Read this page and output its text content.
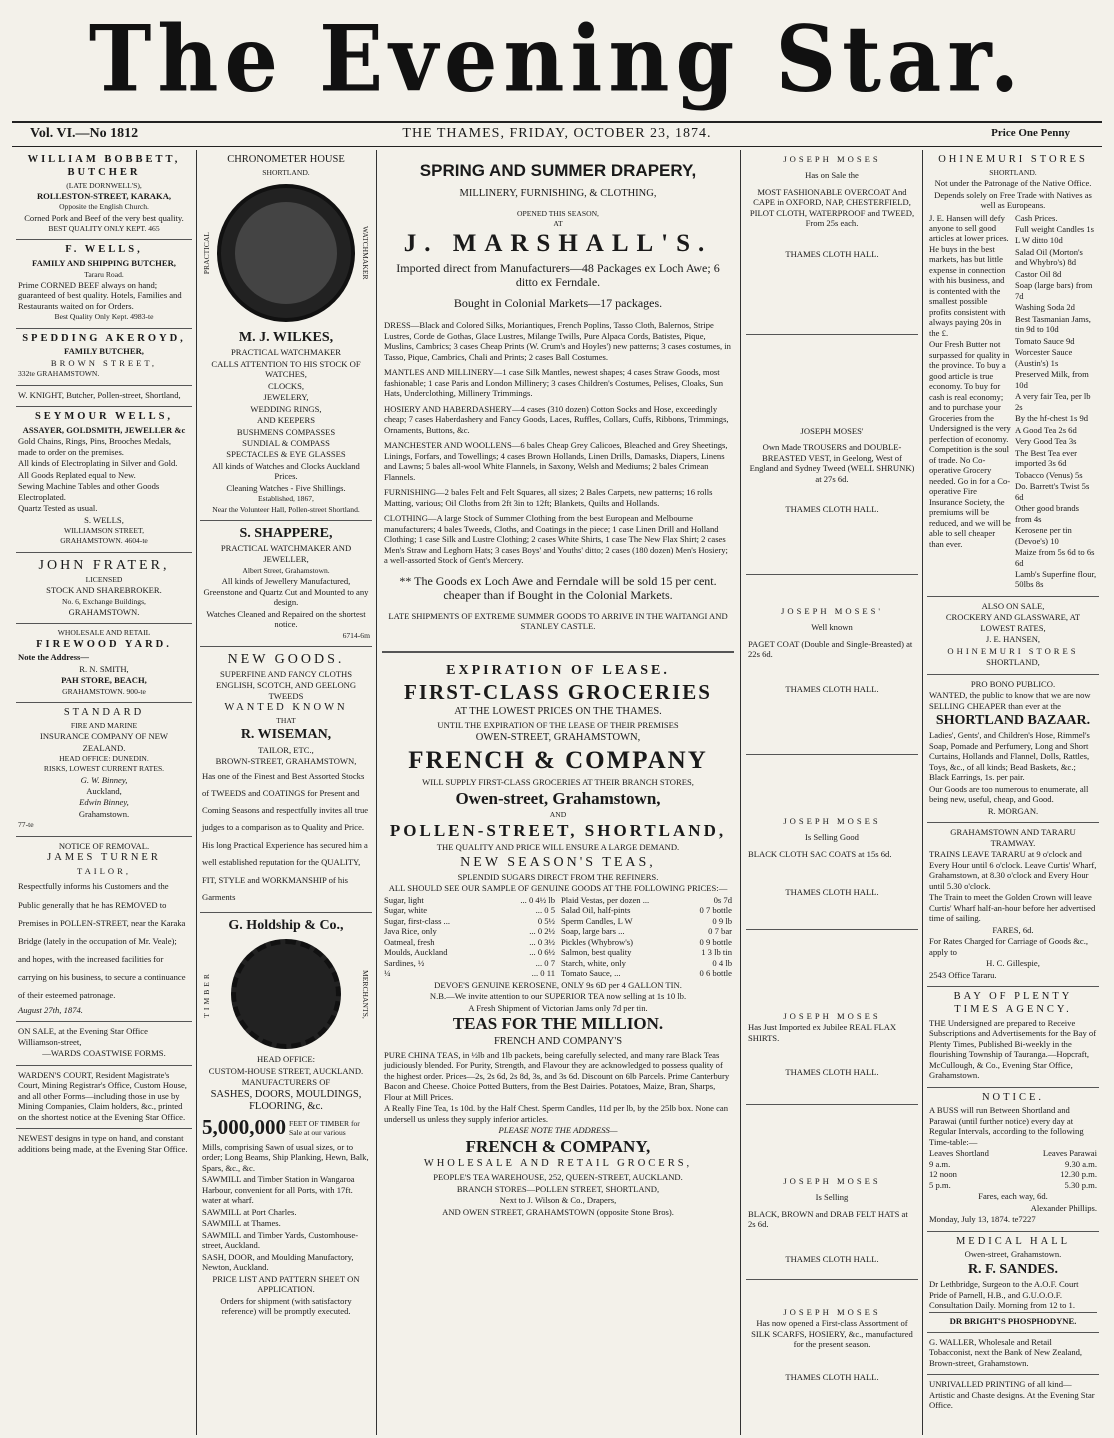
The Evening Star.
Vol. VI.—No 1812	THE THAMES, FRIDAY, OCTOBER 23, 1874.	Price One Penny

WILLIAM BOBBETT, BUTCHER

(LATE DORNWELL'S),

ROLLESTON-STREET, KARAKA,

Opposite the English Church.

Corned Pork and Beef of the very best quality.

BEST QUALITY ONLY KEPT. 465

F. WELLS,

FAMILY AND SHIPPING BUTCHER,

Tararu Road.

Prime CORNED BEEF always on hand; guaranteed of best quality. Hotels, Families and Restaurants waited on for Orders.

Best Quality Only Kept. 4983-te

SPEDDING AKEROYD,

FAMILY BUTCHER,

BROWN STREET,

332te GRAHAMSTOWN.

W. KNIGHT, Butcher, Pollen-street, Shortland,

SEYMOUR WELLS,

ASSAYER, GOLDSMITH, JEWELLER &c

Gold Chains, Rings, Pins, Brooches Medals, made to order on the premises.

All kinds of Electroplating in Silver and Gold.

All Goods Replated equal to New.

Sewing Machine Tables and other Goods Electroplated.

Quartz Tested as usual.

S. WELLS,

WILLIAMSON STREET,

GRAHAMSTOWN. 4604-te

JOHN FRATER,

LICENSED

STOCK AND SHAREBROKER.

No. 6, Exchange Buildings,

GRAHAMSTOWN.

WHOLESALE AND RETAIL

FIREWOOD YARD.

Note the Address—

R. N. SMITH,

PAH STORE, BEACH,

GRAHAMSTOWN. 900-te

STANDARD

FIRE AND MARINE

INSURANCE COMPANY OF NEW

ZEALAND.

HEAD OFFICE: DUNEDIN.

RISKS, LOWEST CURRENT RATES.

G. W. Binney,

Auckland,

Edwin Binney,

Grahamstown.

77-te

NOTICE OF REMOVAL.

JAMES TURNER

TAILOR,

Respectfully informs his Customers and the Public generally that he has REMOVED to Premises in POLLEN-STREET, near the Karaka Bridge (lately in the occupation of Mr. Veale); and hopes, with the increased facilities for carrying on his business, to secure a continuance of their esteemed patronage.

August 27th, 1874.

ON SALE, at the Evening Star Office Williamson-street,

—WARDS COASTWISE FORMS.

WARDEN'S COURT, Resident Magistrate's Court, Mining Registrar's Office, Custom House, and all other Forms—including those in use by Mining Companies, Claim holders, &c., printed on the shortest notice at the Evening Star Office.

NEWEST designs in type on hand, and constant additions being made, at the Evening Star Office.

CHRONOMETER HOUSE

SHORTLAND.

PRACTICAL	WATCHMAKER

M. J. WILKES,

PRACTICAL WATCHMAKER

CALLS ATTENTION TO HIS STOCK OF WATCHES,

CLOCKS,

JEWELERY,

WEDDING RINGS,

AND KEEPERS

BUSHMENS COMPASSES

SUNDIAL & COMPASS

SPECTACLES & EYE GLASSES

All kinds of Watches and Clocks Auckland Prices.

Cleaning Watches - Five Shillings.

Established, 1867,

Near the Volunteer Hall, Pollen-street Shortland.

S. SHAPPERE,

PRACTICAL WATCHMAKER AND

JEWELLER,

Albert Street, Grahamstown.

All kinds of Jewellery Manufactured, Greenstone and Quartz Cut and Mounted to any design.

Watches Cleaned and Repaired on the shortest notice.

6714-6m

NEW GOODS.

SUPERFINE AND FANCY CLOTHS

ENGLISH, SCOTCH, AND GEELONG TWEEDS

WANTED KNOWN

THAT

R. WISEMAN,

TAILOR, ETC.,

BROWN-STREET, GRAHAMSTOWN,

Has one of the Finest and Best Assorted Stocks of TWEEDS and COATINGS for Present and Coming Seasons and respectfully invites all true judges to a comparison as to Quality and Price.

His long Practical Experience has secured him a well established reputation for the QUALITY, FIT, STYLE and WORKMANSHIP of his Garments

G. Holdship & Co.,

TIMBER	MERCHANTS,

HEAD OFFICE:

CUSTOM-HOUSE STREET, AUCKLAND.

MANUFACTURERS OF

SASHES, DOORS, MOULDINGS, FLOORING, &c.

5,000,000 FEET OF TIMBER for Sale at our various

Mills, comprising Sawn of usual sizes, or to order; Long Beams, Ship Planking, Hewn, Balk, Spars, &c., &c.

SAWMILL and Timber Station in Wangaroa Harbour, convenient for all Ports, with 17ft. water at wharf.

SAWMILL at Port Charles.

SAWMILL at Thames.

SAWMILL and Timber Yards, Customhouse-street, Auckland.

SASH, DOOR, and Moulding Manufactory, Newton, Auckland.

PRICE LIST AND PATTERN SHEET ON APPLICATION.

Orders for shipment (with satisfactory reference) will be promptly executed.

SPRING AND SUMMER DRAPERY,

MILLINERY, FURNISHING, & CLOTHING,

OPENED THIS SEASON,

AT

J. MARSHALL'S.

Imported direct from Manufacturers—48 Packages ex Loch Awe; 6 ditto ex Ferndale.

Bought in Colonial Markets—17 packages.

DRESS—Black and Colored Silks, Moriantiques, French Poplins, Tasso Cloth, Balernos, Stripe Lustres, Corde de Gothas, Glace Lustres, Milange Twills, Pure Alpaca Cords, Batistes, Pique, Muslins, Cambrics; 3 cases Cheap Prints (W. Crum's and Hoyles') new patterns; 3 cases costumes, in Tasso, Pique, Cambrics, Chali and Prints; 2 cases Ball Costumes.

MANTLES AND MILLINERY—1 case Silk Mantles, newest shapes; 4 cases Straw Goods, most fashionable; 1 case Paris and London Millinery; 3 cases Children's Costumes, Pelises, Cloaks, Sun Hats, Underclothing, Millinery Trimmings.

HOSIERY AND HABERDASHERY—4 cases (310 dozen) Cotton Socks and Hose, exceedingly cheap; 7 cases Haberdashery and Fancy Goods, Laces, Ruffles, Collars, Cuffs, Ribbons, Trimmings, Ornaments, Buttons, &c.

MANCHESTER AND WOOLLENS—6 bales Cheap Grey Calicoes, Bleached and Grey Sheetings, Linings, Forfars, and Towellings; 4 cases Brown Hollands, Linen Drills, Damasks, Diapers, Linens and Lawns; 5 bales all-wool White Flannels, in Saxony, Welsh and Mediums; 2 bales Crimean Flannels.

FURNISHING—2 bales Felt and Felt Squares, all sizes; 2 Bales Carpets, new patterns; 16 rolls Matting, various; Oil Cloths from 2ft 3in to 12ft; Blankets, Quilts and Hollands.

CLOTHING—A large Stock of Summer Clothing from the best European and Melbourne manufacturers; 4 bales Tweeds, Cloths, and Coatings in the piece; 1 case Linen Drill and Holland Clothing; 1 case Silk and Lustre Clothing; 2 cases White Shirts, 1 case The New Flax Shirt; 2 cases Men's Straw and Leghorn Hats; 3 cases Boys' and Youths' ditto; 2 cases (180 dozen) Men's Hosiery; a well-assorted Stock of Gent's Mercery.

** The Goods ex Loch Awe and Ferndale will be sold 15 per cent. cheaper than if Bought in the Colonial Markets.

LATE SHIPMENTS OF EXTREME SUMMER GOODS TO ARRIVE IN THE WAITANGI AND STANLEY CASTLE.

EXPIRATION OF LEASE.

FIRST-CLASS GROCERIES

AT THE LOWEST PRICES ON THE THAMES.

UNTIL THE EXPIRATION OF THE LEASE OF THEIR PREMISES

OWEN-STREET, GRAHAMSTOWN,

FRENCH & COMPANY

WILL SUPPLY FIRST-CLASS GROCERIES AT THEIR BRANCH STORES,

Owen-street, Grahamstown,

AND

POLLEN-STREET, SHORTLAND,

THE QUALITY AND PRICE WILL ENSURE A LARGE DEMAND.

NEW SEASON'S TEAS,

SPLENDID SUGARS DIRECT FROM THE REFINERS.

ALL SHOULD SEE OUR SAMPLE OF GENUINE GOODS AT THE FOLLOWING PRICES:—

Sugar, light	... 0 4½ lb
Sugar, white	... 0 5
Sugar, first-class ...	0 5½
Java Rice, only	... 0 2½
Oatmeal, fresh	... 0 3½
Moulds, Auckland	... 0 6½
Sardines, ½	... 0 7
¼	... 0 11
Plaid Vestas, per dozen ...	0s 7d
Salad Oil, half-pints	0 7 bottle
Sperm Candles, L W	0 9 lb
Soap, large bars ...	0 7 bar
Pickles (Whybrow's)	0 9 bottle
Salmon, best quality	1 3 lb tin
Starch, white, only	0 4 lb
Tomato Sauce, ...	0 6 bottle

DEVOE'S GENUINE KEROSENE, ONLY 9s 6D per 4 GALLON TIN.

N.B.—We invite attention to our SUPERIOR TEA now selling at 1s 10 lb.

A Fresh Shipment of Victorian Jams only 7d per tin.

TEAS FOR THE MILLION.

FRENCH AND COMPANY'S

PURE CHINA TEAS, in ½lb and 1lb packets, being carefully selected, and many rare Black Teas judiciously blended. For Purity, Strength, and Flavour they are acknowledged to possess quality of the highest order. Prices—2s, 2s 6d, 2s 8d, 3s, and 3s 6d. Discount on 6lb Parcels. Prime Canterbury Bacon and Cheese. Choice Potted Butters, from the Best Dairies. Potatoes, Maize, Bran, Sharps, Flour at Mill Prices.

A Really Fine Tea, 1s 10d. by the Half Chest. Sperm Candles, 11d per lb, by the 25lb box. None can undersell us unless they supply inferior articles.

PLEASE NOTE THE ADDRESS—

FRENCH & COMPANY,

WHOLESALE AND RETAIL GROCERS,

PEOPLE'S TEA WAREHOUSE, 252, QUEEN-STREET, AUCKLAND.

BRANCH STORES—POLLEN STREET, SHORTLAND,

Next to J. Wilson & Co., Drapers,

AND OWEN STREET, GRAHAMSTOWN (opposite Stone Bros).

JOSEPH MOSES

Has on Sale the

MOST FASHIONABLE OVERCOAT And CAPE in OXFORD, NAP, CHESTERFIELD, PILOT CLOTH, WATERPROOF and TWEED, From 25s each.

THAMES CLOTH HALL.

JOSEPH MOSES'

Own Made TROUSERS and DOUBLE-BREASTED VEST, in Geelong, West of England and Sydney Tweed (WELL SHRUNK) at 27s 6d.

THAMES CLOTH HALL.

JOSEPH MOSES'

Well known

PAGET COAT (Double and Single-Breasted) at 22s 6d.

THAMES CLOTH HALL.

JOSEPH MOSES

Is Selling Good

BLACK CLOTH SAC COATS at 15s 6d.

THAMES CLOTH HALL.

JOSEPH MOSES

Has Just Imported ex Jubilee REAL FLAX SHIRTS.

THAMES CLOTH HALL.

JOSEPH MOSES

Is Selling

BLACK, BROWN and DRAB FELT HATS at 2s 6d.

THAMES CLOTH HALL.

JOSEPH MOSES

Has now opened a First-class Assortment of SILK SCARFS, HOSIERY, &c., manufactured for the present season.

THAMES CLOTH HALL.

OHINEMURI STORES

SHORTLAND.

Not under the Patronage of the Native Office.

Depends solely on Free Trade with Natives as well as Europeans.

J. E. Hansen will defy anyone to sell good articles at lower prices. He buys in the best markets, has but little expense in connection with his business, and is contented with the smallest possible profits consistent with always paying 20s in the £.

Our Fresh Butter not surpassed for quality in the province. To buy a good article is true economy. To buy for cash is real economy; and to purchase your Groceries from the Undersigned is the very perfection of economy. Competition is the soul of trade. No Co-operative Grocery needed. Go in for a Co-operative Fire Insurance Society, the premiums will be reduced, and we will be able to sell cheaper than ever.

Cash Prices.

Full weight Candles 1s

L W ditto 10d

Salad Oil (Morton's and Whybro's) 8d

Castor Oil 8d

Soap (large bars) from 7d

Washing Soda 2d

Best Tasmanian Jams, tin 9d to 10d

Tomato Sauce 9d

Worcester Sauce (Austin's) 1s

Preserved Milk, from 10d

A very fair Tea, per lb 2s

By the hf-chest 1s 9d

A Good Tea 2s 6d

Very Good Tea 3s

The Best Tea ever imported 3s 6d

Tobacco (Venus) 5s

Do. Barrett's Twist 5s 6d

Other good brands from 4s

Kerosene per tin (Devoe's) 10

Maize from 5s 6d to 6s 6d

Lamb's Superfine flour, 50lbs 8s

ALSO ON SALE,

CROCKERY AND GLASSWARE, AT LOWEST RATES,

J. E. HANSEN,

OHINEMURI STORES

SHORTLAND,

PRO BONO PUBLICO.

WANTED, the public to know that we are now SELLING CHEAPER than ever at the

SHORTLAND BAZAAR.

Ladies', Gents', and Children's Hose, Rimmel's Soap, Pomade and Perfumery, Long and Short Curtains, Hollands and Flannel, Dolls, Rattles, Toys, &c., of all kinds; Bead Baskets, &c.; Black Earrings, 1s. per pair.

Our Goods are too numerous to enumerate, all being new, useful, cheap, and Good.

R. MORGAN.

GRAHAMSTOWN AND TARARU TRAMWAY.

TRAINS LEAVE TARARU at 9 o'clock and Every Hour until 6 o'clock. Leave Curtis' Wharf, Grahamstown, at 8.30 o'clock and Every Hour until 5.30 o'clock.

The Train to meet the Golden Crown will leave Curtis' Wharf half-an-hour before her advertised time of sailing.

FARES, 6d.

For Rates Charged for Carriage of Goods &c., apply to

H. C. Gillespie,

2543 Office Tararu.

BAY OF PLENTY TIMES AGENCY.

THE Undersigned are prepared to Receive Subscriptions and Advertisements for the Bay of Plenty Times, Published Bi-weekly in the flourishing Township of Tauranga.—Hopcraft, McCullough, & Co., Evening Star Office, Grahamstown.

NOTICE.

A BUSS will run Between Shortland and Parawai (until further notice) every day at Regular Intervals, according to the following Time-table:—

Leaves Shortland	Leaves Parawai
9 a.m.	9.30 a.m.
12 noon	12.30 p.m.
5 p.m.	5.30 p.m.

Fares, each way, 6d.

Alexander Phillips.

Monday, July 13, 1874. te7227

MEDICAL HALL

Owen-street, Grahamstown.

R. F. SANDES.

Dr Lethbridge, Surgeon to the A.O.F. Court Pride of Parnell, H.B., and G.U.O.O.F. Consultation Daily. Morning from 12 to 1.

DR BRIGHT'S PHOSPHODYNE.

G. WALLER, Wholesale and Retail Tobacconist, next the Bank of New Zealand, Brown-street, Grahamstown.

UNRIVALLED PRINTING of all kind—Artistic and Chaste designs. At the Evening Star Office.
